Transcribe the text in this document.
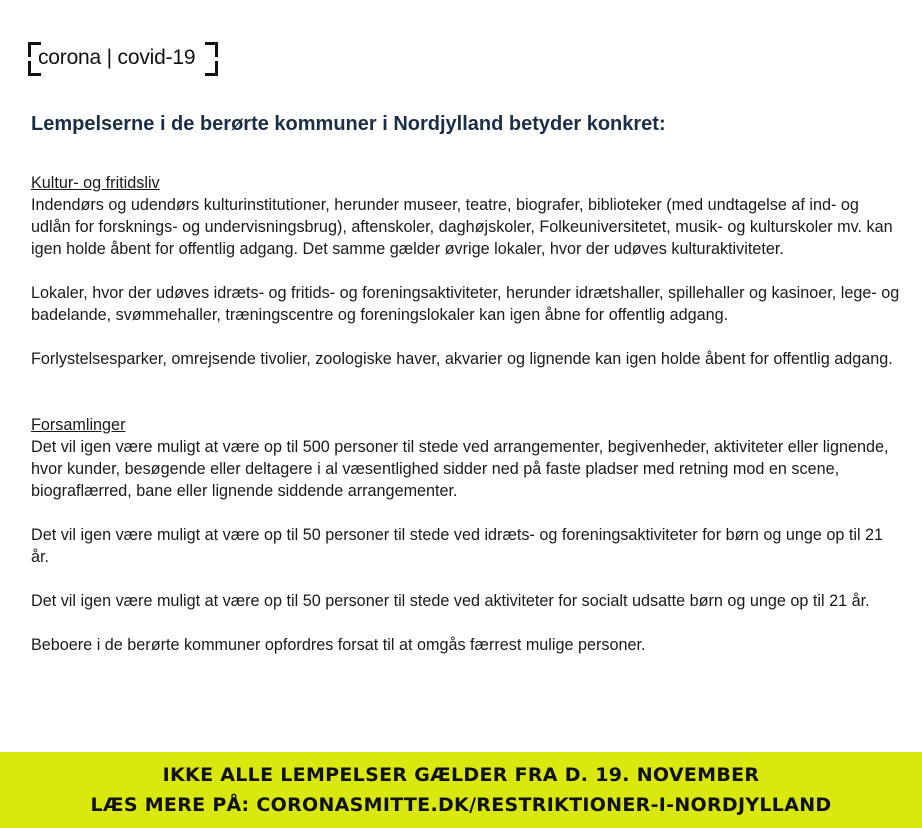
corona | covid-19
Lempelserne i de berørte kommuner i Nordjylland betyder konkret:
Kultur- og fritidsliv

Indendørs og udendørs kulturinstitutioner, herunder museer, teatre, biografer, biblioteker (med undtagelse af ind- og udlån for forsknings- og undervisningsbrug), aftenskoler, daghøjskoler, Folkeuniversitetet, musik- og kulturskoler mv. kan igen holde åbent for offentlig adgang. Det samme gælder øvrige lokaler, hvor der udøves kulturaktiviteter.

Lokaler, hvor der udøves idræts- og fritids- og foreningsaktiviteter, herunder idrætshaller, spillehaller og kasinoer, lege- og badelande, svømmehaller, træningscentre og foreningslokaler kan igen åbne for offentlig adgang.

Forlystelsesparker, omrejsende tivolier, zoologiske haver, akvarier og lignende kan igen holde åbent for offentlig adgang.

Forsamlinger

Det vil igen være muligt at være op til 500 personer til stede ved arrangementer, begivenheder, aktiviteter eller lignende, hvor kunder, besøgende eller deltagere i al væsentlighed sidder ned på faste pladser med retning mod en scene, biograflærred, bane eller lignende siddende arrangementer.

Det vil igen være muligt at være op til 50 personer til stede ved idræts- og foreningsaktiviteter for børn og unge op til 21 år.

Det vil igen være muligt at være op til 50 personer til stede ved aktiviteter for socialt udsatte børn og unge op til 21 år.

Beboere i de berørte kommuner opfordres forsat til at omgås færrest mulige personer.

IKKE ALLE LEMPELSER GÆLDER FRA D. 19. NOVEMBER
LÆS MERE PÅ: CORONASMITTE.DK/RESTRIKTIONER-I-NORDJYLLAND
